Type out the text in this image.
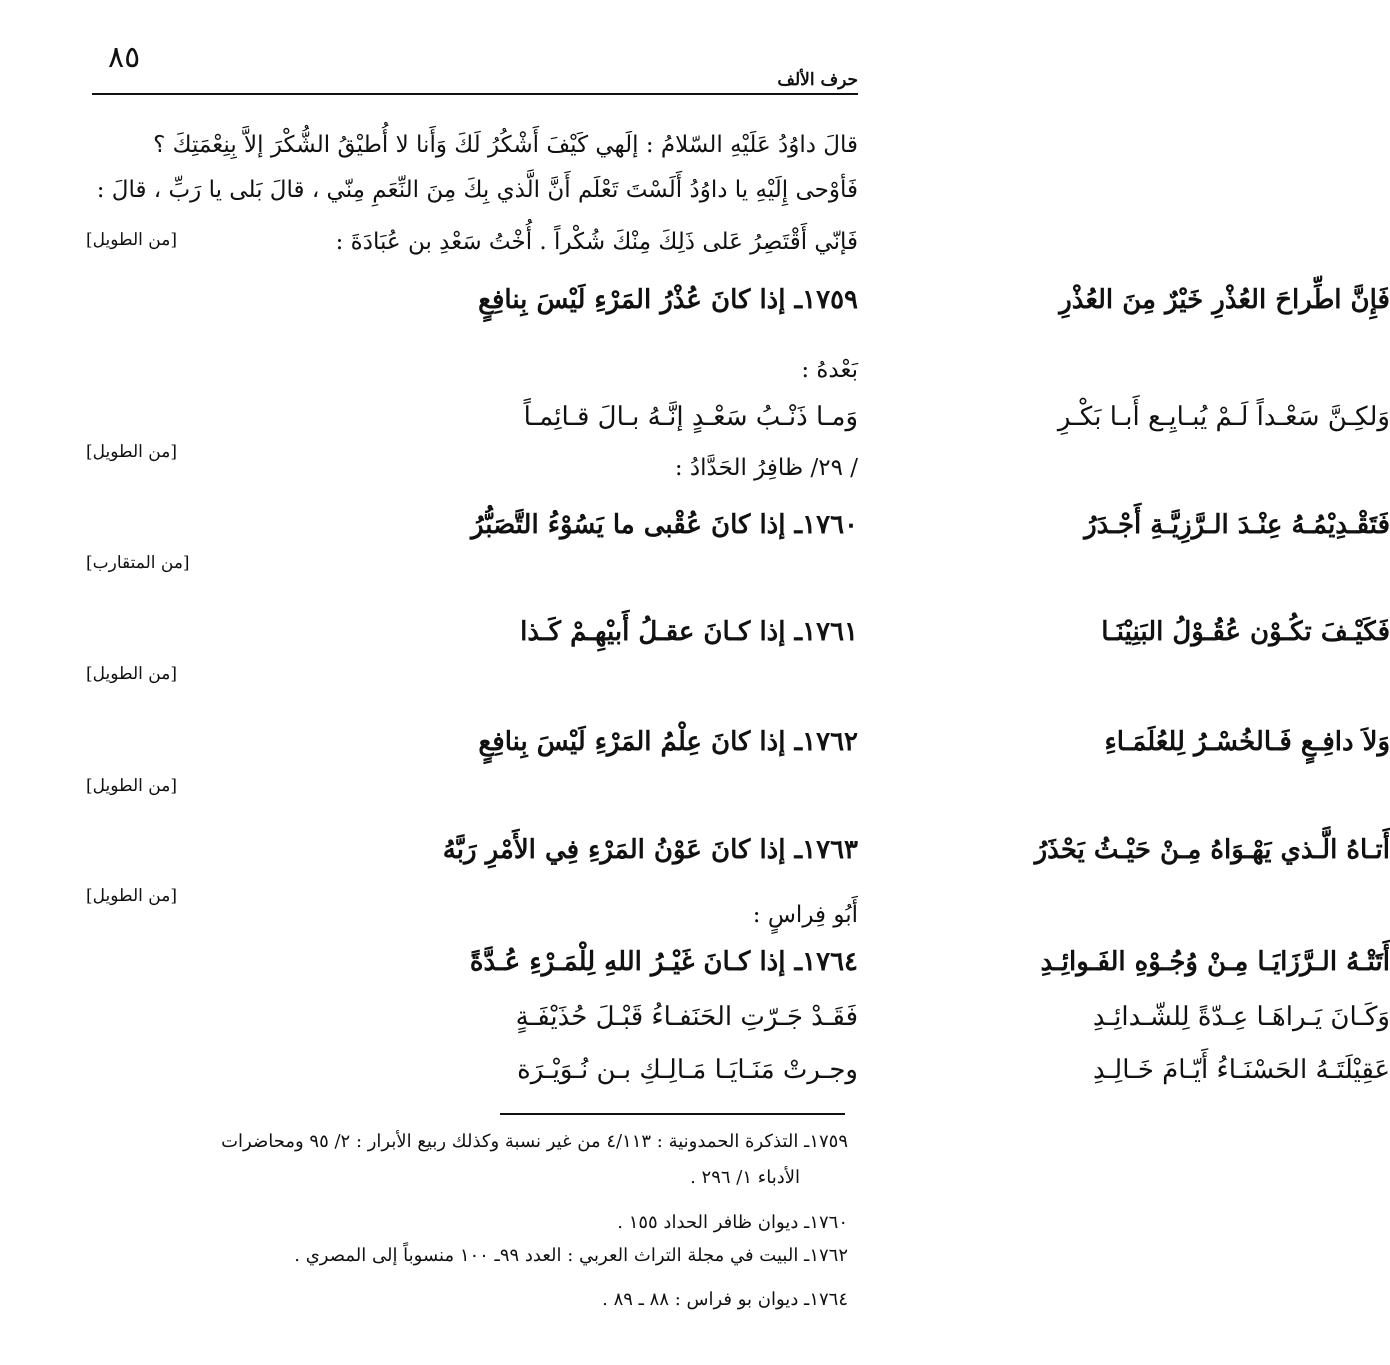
٨٥
حرف الألف
قالَ داوُدُ عَلَيْهِ السّلامُ : إلَهي كَيْفَ أَشْكُرُ لَكَ وَأَنا لا أُطيْقُ الشُّكْرَ إلاَّ بِنِعْمَتِكَ ؟
فَأوْحى إِلَيْهِ يا داوُدُ أَلَسْتَ تَعْلَم أَنَّ الَّذي بِكَ مِنَ النِّعَمِ مِنّي ، قالَ بَلى يا رَبِّ ، قالَ :
فَإنّي أَقْتَصِرُ عَلى ذَلِكَ مِنْكَ شُكْراً . أُخْتُ سَعْدِ بن عُبَادَةَ :
[من الطويل]
١٧٥٩ـ إذا كانَ عُذْرُ المَرْءِ لَيْسَ بِنافِعٍ	فَإِنَّ اطِّراحَ العُذْرِ خَيْرٌ مِنَ العُذْرِ
بَعْدهُ :
وَمـا ذَنْـبُ سَعْـدٍ إنَّـهُ بـالَ قـائِمـاً	وَلكِـنَّ سَعْـداً لَـمْ يُبـايِـع أَبـا بَكْـرِ
[من الطويل]
/ ٢٩/ ظافِرُ الحَدَّادُ :
١٧٦٠ـ إذا كانَ عُقْبى ما يَسُوْءُ التَّصَبُّرُ	فَتَقْـدِيْمُـهُ عِنْـدَ الـرَّزِيَّـةِ أَجْـدَرُ
[من المتقارب]
١٧٦١ـ إذا كـانَ عقـلُ أَبيْهِـمْ كَـذا	فَكَيْـفَ تكُـوْن عُقُـوْلُ البَنِيْنَـا
[من الطويل]
١٧٦٢ـ إذا كانَ عِلْمُ المَرْءِ لَيْسَ بِنافِعٍ	وَلاَ دافِـعٍ فَـالخُسْـرُ لِلعُلَمَـاءِ
[من الطويل]
١٧٦٣ـ إذا كانَ عَوْنُ المَرْءِ فِي الأَمْرِ رَبَّهُ	أَتـاهُ الَّـذي يَهْـوَاهُ مِـنْ حَيْـثُ يَحْذَرُ
[من الطويل]
أَبُو فِراسٍ :
١٧٦٤ـ إذا كـانَ غَيْـرُ اللهِ لِلْمَـرْءِ عُـدَّةً	أَتَتْـهُ الـرَّزَايَـا مِـنْ وُجُـوْهِ الفَـوائِـدِ
فَقَـدْ جَـرّتِ الحَنَفـاءُ قَبْـلَ حُذَيْفَـةٍ	وَكَـانَ يَـراهَـا عِـدّةً لِلشّـدائِـدِ
وجـرتْ مَنَـايَـا مَـالِـكِ بـن نُـوَيْـرَة	عَقِيْلَتَـهُ الحَسْنَـاءُ أَيّـامَ خَـالِـدِ
١٧٥٩ـ التذكرة الحمدونية : ٤/١١٣ من غير نسبة وكذلك ربيع الأبرار : ٢/ ٩٥ ومحاضرات
الأدباء ١/ ٢٩٦ .
١٧٦٠ـ ديوان ظافر الحداد ١٥٥ .
١٧٦٢ـ البيت في مجلة التراث العربي : العدد ٩٩ـ ١٠٠ منسوباً إلى المصري .
١٧٦٤ـ ديوان بو فراس : ٨٨ ـ ٨٩ .
